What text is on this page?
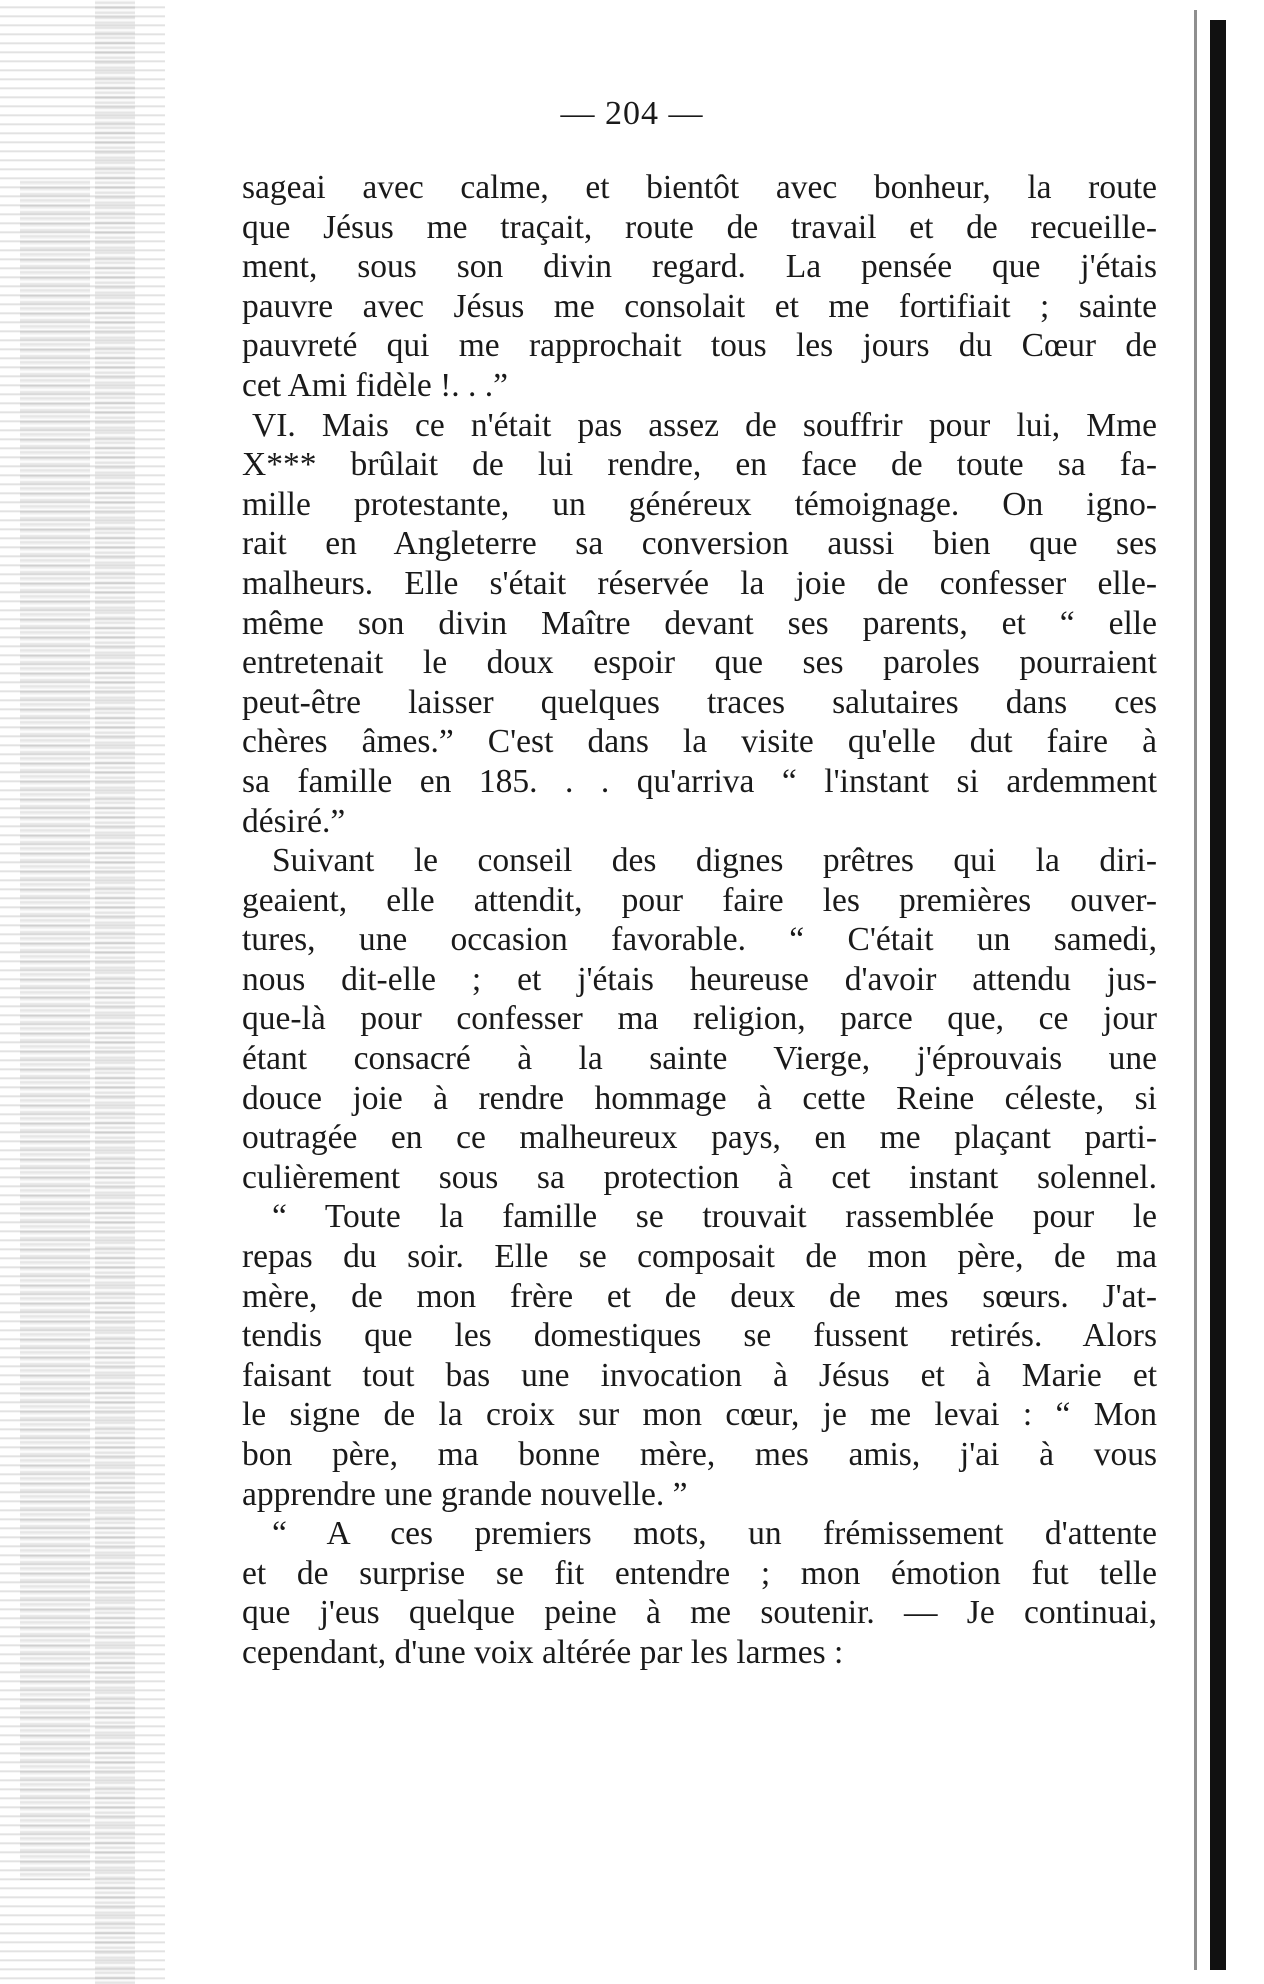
— 204 —
sageai avec calme, et bientôt avec bonheur, la route
que Jésus me traçait, route de travail et de recueille-
ment, sous son divin regard. La pensée que j'étais
pauvre avec Jésus me consolait et me fortifiait ; sainte
pauvreté qui me rapprochait tous les jours du Cœur de
cet Ami fidèle !. . .”
VI. Mais ce n'était pas assez de souffrir pour lui, Mme
X*** brûlait de lui rendre, en face de toute sa fa-
mille protestante, un généreux témoignage. On igno-
rait en Angleterre sa conversion aussi bien que ses
malheurs. Elle s'était réservée la joie de confesser elle-
même son divin Maître devant ses parents, et “ elle
entretenait le doux espoir que ses paroles pourraient
peut-être laisser quelques traces salutaires dans ces
chères âmes.” C'est dans la visite qu'elle dut faire à
sa famille en 185. . . qu'arriva “ l'instant si ardemment
désiré.”
Suivant le conseil des dignes prêtres qui la diri-
geaient, elle attendit, pour faire les premières ouver-
tures, une occasion favorable. “ C'était un samedi,
nous dit-elle ; et j'étais heureuse d'avoir attendu jus-
que-là pour confesser ma religion, parce que, ce jour
étant consacré à la sainte Vierge, j'éprouvais une
douce joie à rendre hommage à cette Reine céleste, si
outragée en ce malheureux pays, en me plaçant parti-
culièrement sous sa protection à cet instant solennel.
“ Toute la famille se trouvait rassemblée pour le
repas du soir. Elle se composait de mon père, de ma
mère, de mon frère et de deux de mes sœurs. J'at-
tendis que les domestiques se fussent retirés. Alors
faisant tout bas une invocation à Jésus et à Marie et
le signe de la croix sur mon cœur, je me levai : “ Mon
bon père, ma bonne mère, mes amis, j'ai à vous
apprendre une grande nouvelle. ”
“ A ces premiers mots, un frémissement d'attente
et de surprise se fit entendre ; mon émotion fut telle
que j'eus quelque peine à me soutenir. — Je continuai,
cependant, d'une voix altérée par les larmes :
